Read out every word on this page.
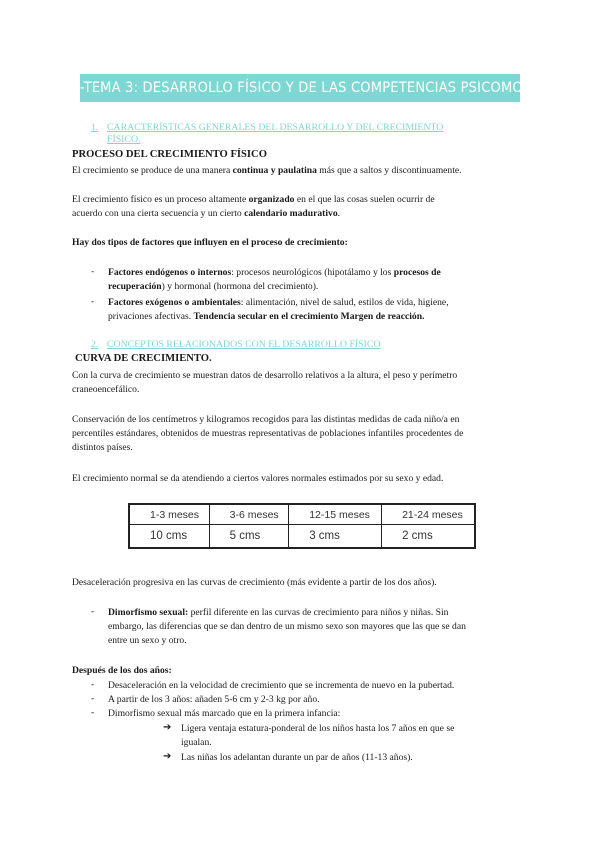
-TEMA 3: DESARROLLO FÍSICO Y DE LAS COMPETENCIAS PSICOMOTRICES-
1. CARACTERÍSTICAS GENERALES DEL DESARROLLO Y DEL CRECIMIENTO
FÍSICO.
PROCESO DEL CRECIMIENTO FÍSICO
El crecimiento se produce de una manera continua y paulatina más que a saltos y discontinuamente.
El crecimiento físico es un proceso altamente organizado en el que las cosas suelen ocurrir de
acuerdo con una cierta secuencia y un cierto calendario madurativo.
Hay dos tipos de factores que influyen en el proceso de crecimiento:
- Factores endógenos o internos: procesos neurológicos (hipotálamo y los procesos de
recuperación) y hormonal (hormona del crecimiento).
- Factores exógenos o ambientales: alimentación, nivel de salud, estilos de vida, higiene,
privaciones afectivas. Tendencia secular en el crecimiento Margen de reacción.
2. CONCEPTOS RELACIONADOS CON EL DESARROLLO FÍSICO
CURVA DE CRECIMIENTO.
Con la curva de crecimiento se muestran datos de desarrollo relativos a la altura, el peso y perímetro
craneoencefálico.
Conservación de los centímetros y kilogramos recogidos para las distintas medidas de cada niño/a en
percentiles estándares, obtenidos de muestras representativas de poblaciones infantiles procedentes de
distintos países.
El crecimiento normal se da atendiendo a ciertos valores normales estimados por su sexo y edad.
1-3 meses	3-6 meses	12-15 meses	21-24 meses
10 cms	5 cms	3 cms	2 cms
Desaceleración progresiva en las curvas de crecimiento (más evidente a partir de los dos años).
- Dimorfismo sexual: perfil diferente en las curvas de crecimiento para niños y niñas. Sin
embargo, las diferencias que se dan dentro de un mismo sexo son mayores que las que se dan
entre un sexo y otro.
Después de los dos años:
- Desaceleración en la velocidad de crecimiento que se incrementa de nuevo en la pubertad.
- A partir de los 3 años: añaden 5-6 cm y 2-3 kg por año.
- Dimorfismo sexual más marcado que en la primera infancia:
➔ Ligera ventaja estatura-ponderal de los niños hasta los 7 años en que se
igualan.
➔ Las niñas los adelantan durante un par de años (11-13 años).
